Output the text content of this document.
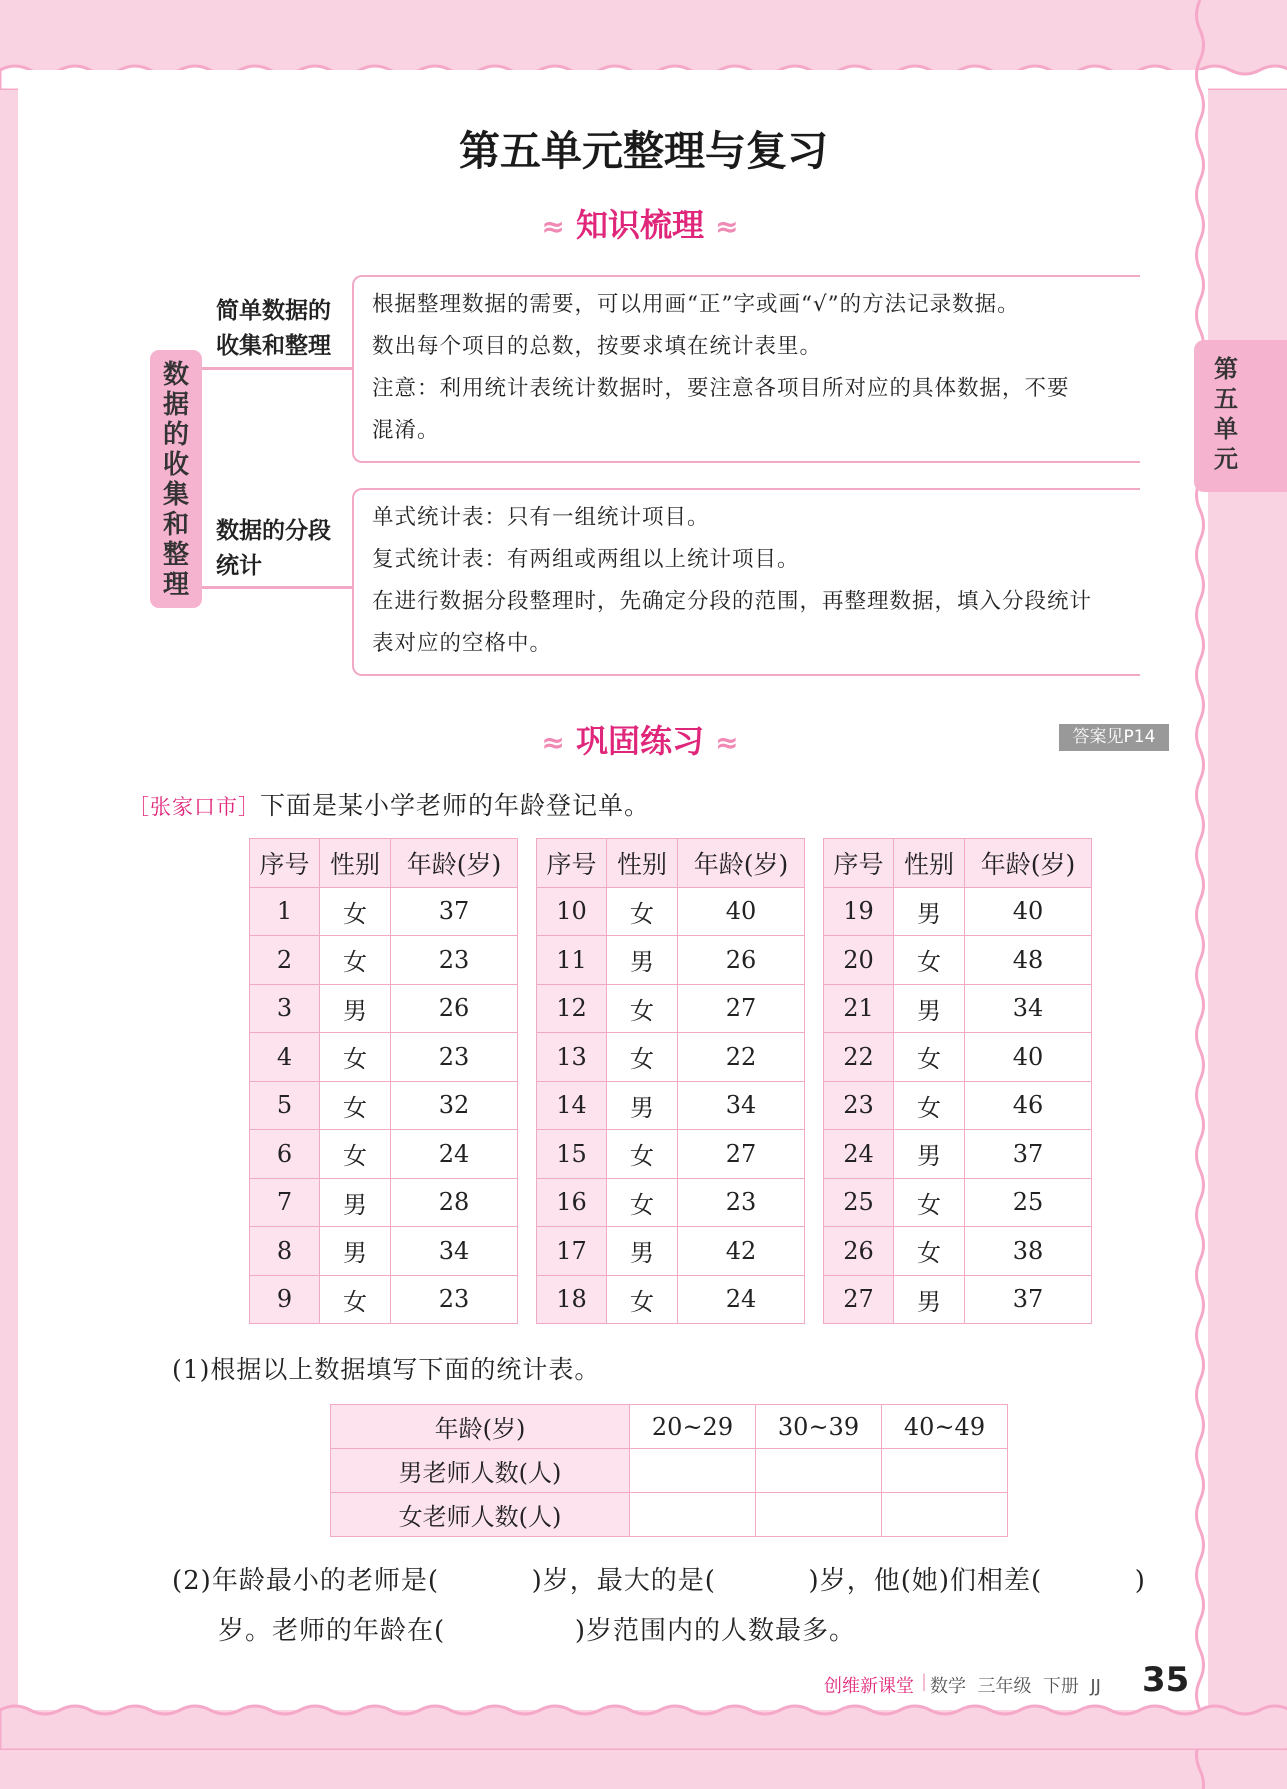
第五单元整理与复习
≈ 知识梳理 ≈
第五单元
数据的收集和整理
简单数据的
收集和整理
数据的分段
统计

根据整理数据的需要，可以用画“正”字或画“√”的方法记录数据。

数出每个项目的总数，按要求填在统计表里。

注意：利用统计表统计数据时，要注意各项目所对应的具体数据，不要

混淆。

单式统计表：只有一组统计项目。

复式统计表：有两组或两组以上统计项目。

在进行数据分段整理时，先确定分段的范围，再整理数据，填入分段统计

表对应的空格中。

≈ 巩固练习 ≈	答案见P14
［张家口市］下面是某小学老师的年龄登记单。
序号	性别	年龄(岁)
1	女	37
2	女	23
3	男	26
4	女	23
5	女	32
6	女	24
7	男	28
8	男	34
9	女	23
序号	性别	年龄(岁)
10	女	40
11	男	26
12	女	27
13	女	22
14	男	34
15	女	27
16	女	23
17	男	42
18	女	24
序号	性别	年龄(岁)
19	男	40
20	女	48
21	男	34
22	女	40
23	女	46
24	男	37
25	女	25
26	女	38
27	男	37
(1)根据以上数据填写下面的统计表。
年龄(岁)	20~29	30~39	40~49
男老师人数(人)			
女老师人数(人)			
(2)年龄最小的老师是(          )岁，最大的是(          )岁，他(她)们相差(          )
岁。老师的年龄在(              )岁范围内的人数最多。
创维新课堂 | 数学  三年级  下册  JJ 35
